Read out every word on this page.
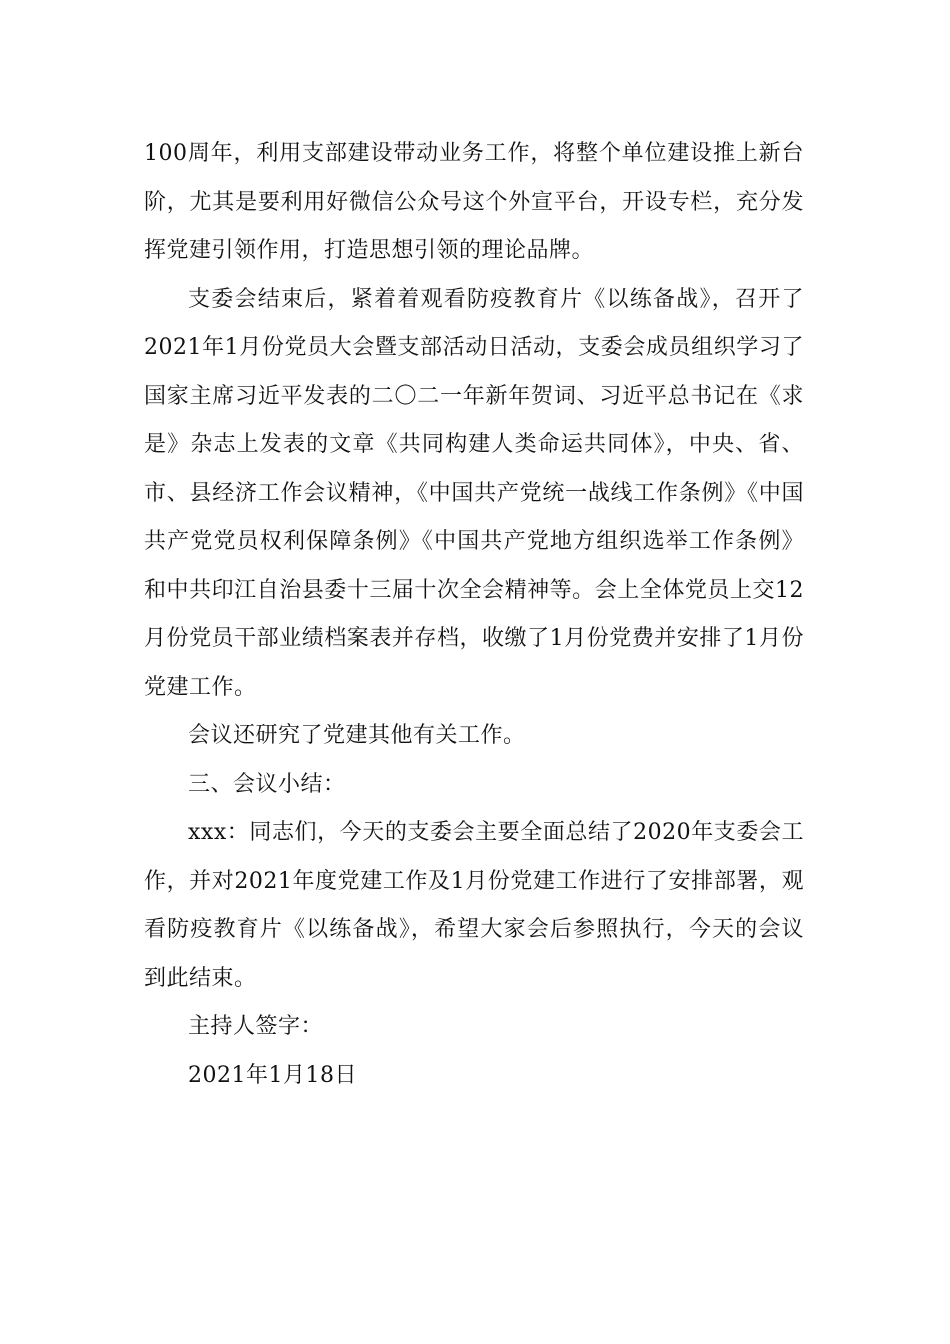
100周年，利用支部建设带动业务工作，将整个单位建设推上新台阶，尤其是要利用好微信公众号这个外宣平台，开设专栏，充分发挥党建引领作用，打造思想引领的理论品牌。

支委会结束后，紧着着观看防疫教育片《以练备战》，召开了2021年1月份党员大会暨支部活动日活动，支委会成员组织学习了国家主席习近平发表的二〇二一年新年贺词、习近平总书记在《求是》杂志上发表的文章《共同构建人类命运共同体》，中央、省、市、县经济工作会议精神，《中国共产党统一战线工作条例》《中国共产党党员权利保障条例》《中国共产党地方组织选举工作条例》和中共印江自治县委十三届十次全会精神等。会上全体党员上交12月份党员干部业绩档案表并存档，收缴了1月份党费并安排了1月份党建工作。

会议还研究了党建其他有关工作。

三、会议小结：

xxx：同志们，今天的支委会主要全面总结了2020年支委会工作，并对2021年度党建工作及1月份党建工作进行了安排部署，观看防疫教育片《以练备战》，希望大家会后参照执行，今天的会议到此结束。

主持人签字：

2021年1月18日
